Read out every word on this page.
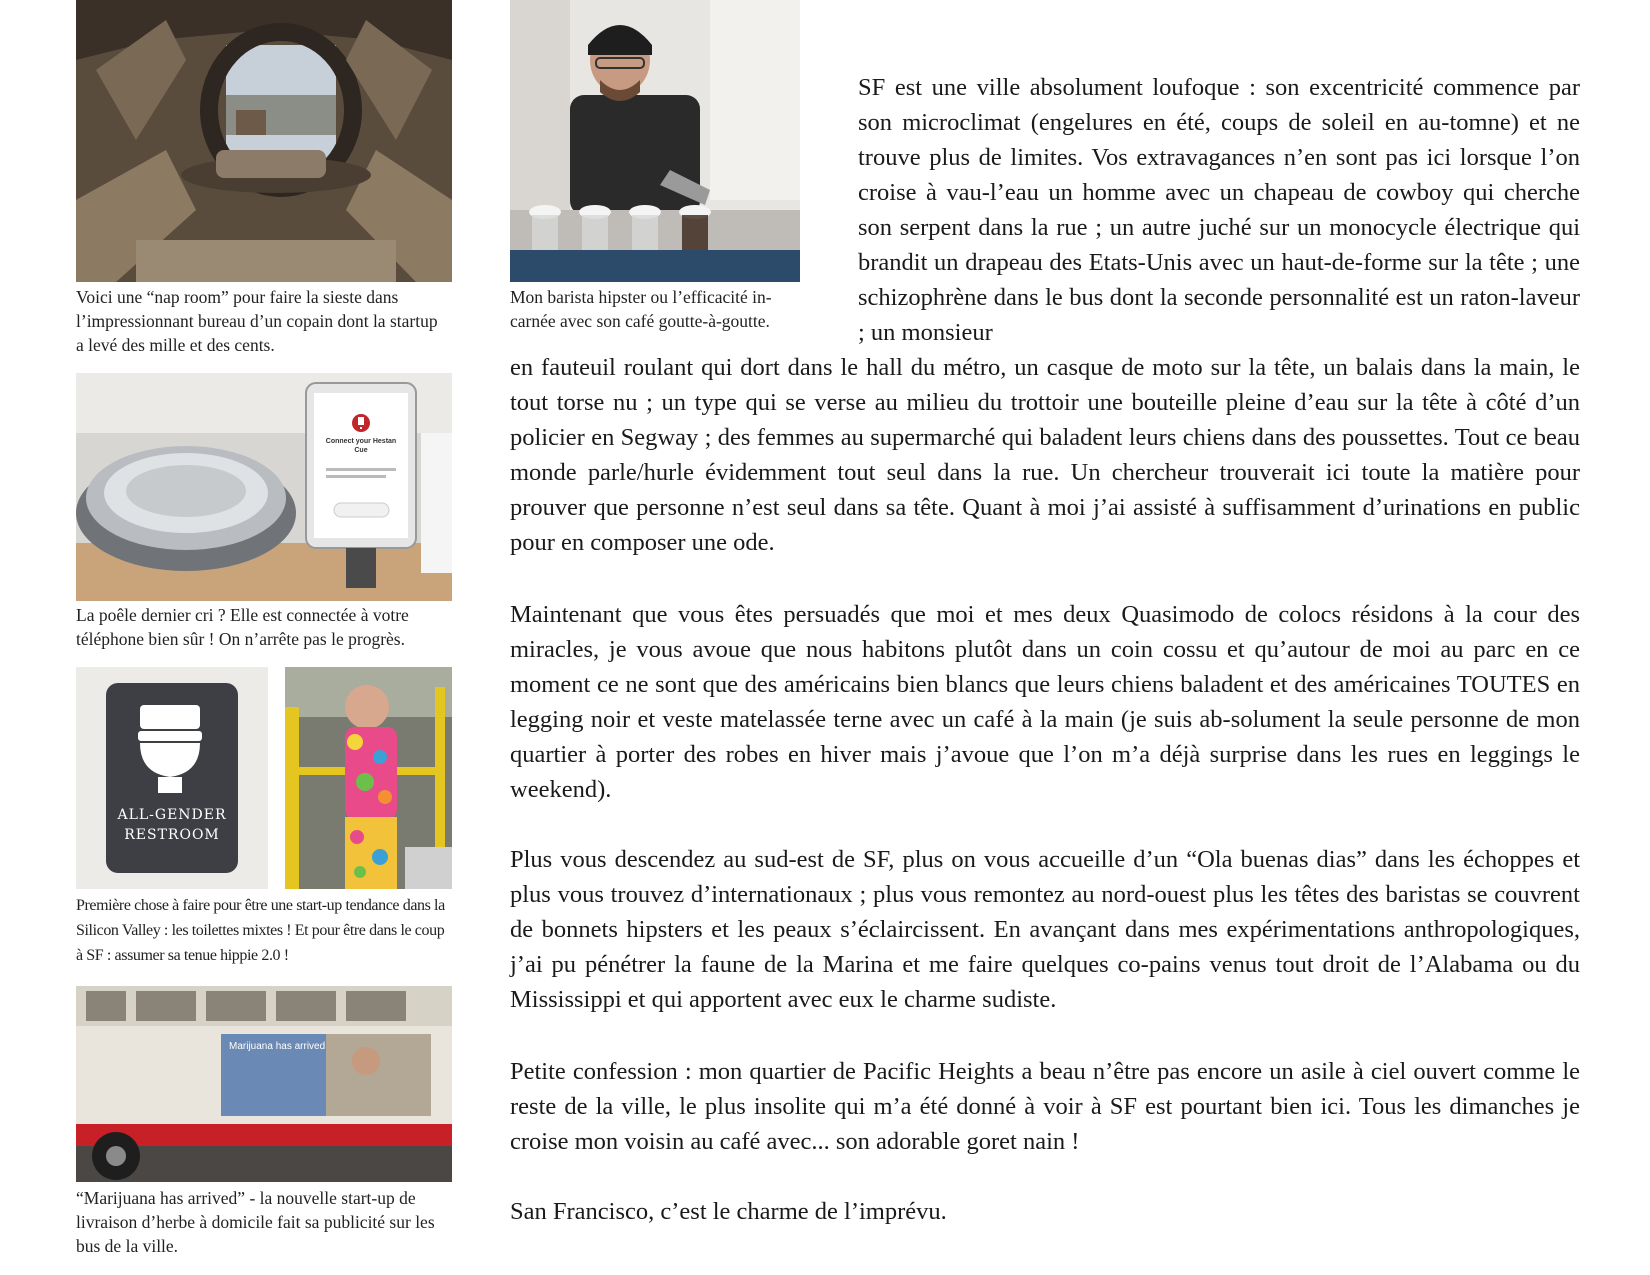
Voici une “nap room” pour faire la sieste dans l’impressionnant bureau d’un copain dont la startup a levé des mille et des cents.

Mon barista hipster ou l’efficacité in-carnée avec son café goutte-à-goutte.

Connect your Hestan Cue

La poêle dernier cri ? Elle est connectée à votre téléphone bien sûr ! On n’arrête pas le progrès.

ALL-GENDER
RESTROOM

Première chose à faire pour être une start-up tendance dans la Silicon Valley : les toilettes mixtes ! Et pour être dans le coup à SF : assumer sa tenue hippie 2.0 !

Marijuana has arrived

“Marijuana has arrived” - la nouvelle start-up de livraison d’herbe à domicile fait sa publicité sur les bus de la ville.

SF est une ville absolument loufoque : son excentricité commence par son microclimat (engelures en été, coups de soleil en au-tomne) et ne trouve plus de limites. Vos extravagances n’en sont pas ici lorsque l’on croise à vau-l’eau un homme avec un chapeau de cowboy qui cherche son serpent dans la rue ; un autre juché sur un monocycle électrique qui brandit un drapeau des Etats-Unis avec un haut-de-forme sur la tête ; une schizophrène dans le bus dont la seconde personnalité est un raton-laveur ; un monsieur

en fauteuil roulant qui dort dans le hall du métro, un casque de moto sur la tête, un balais dans la main, le tout torse nu ; un type qui se verse au milieu du trottoir une bouteille pleine d’eau sur la tête à côté d’un policier en Segway ; des femmes au supermarché qui baladent leurs chiens dans des poussettes. Tout ce beau monde parle/hurle évidemment tout seul dans la rue. Un chercheur trouverait ici toute la matière pour prouver que personne n’est seul dans sa tête. Quant à moi j’ai assisté à suffisamment d’urinations en public pour en composer une ode.

Maintenant que vous êtes persuadés que moi et mes deux Quasimodo de colocs résidons à la cour des miracles, je vous avoue que nous habitons plutôt dans un coin cossu et qu’autour de moi au parc en ce moment ce ne sont que des américains bien blancs que leurs chiens baladent et des américaines TOUTES en legging noir et veste matelassée terne avec un café à la main (je suis ab-solument la seule personne de mon quartier à porter des robes en hiver mais j’avoue que l’on m’a déjà surprise dans les rues en leggings le weekend).

Plus vous descendez au sud-est de SF, plus on vous accueille d’un “Ola buenas dias” dans les échoppes et plus vous trouvez d’internationaux ; plus vous remontez au nord-ouest plus les têtes des baristas se couvrent de bonnets hipsters et les peaux s’éclaircissent. En avançant dans mes expérimentations anthropologiques, j’ai pu pénétrer la faune de la Marina et me faire quelques co-pains venus tout droit de l’Alabama ou du Mississippi et qui apportent avec eux le charme sudiste.

Petite confession : mon quartier de Pacific Heights a beau n’être pas encore un asile à ciel ouvert comme le reste de la ville, le plus insolite qui m’a été donné à voir à SF est pourtant bien ici. Tous les dimanches je croise mon voisin au café avec... son adorable goret nain !

San Francisco, c’est le charme de l’imprévu.
